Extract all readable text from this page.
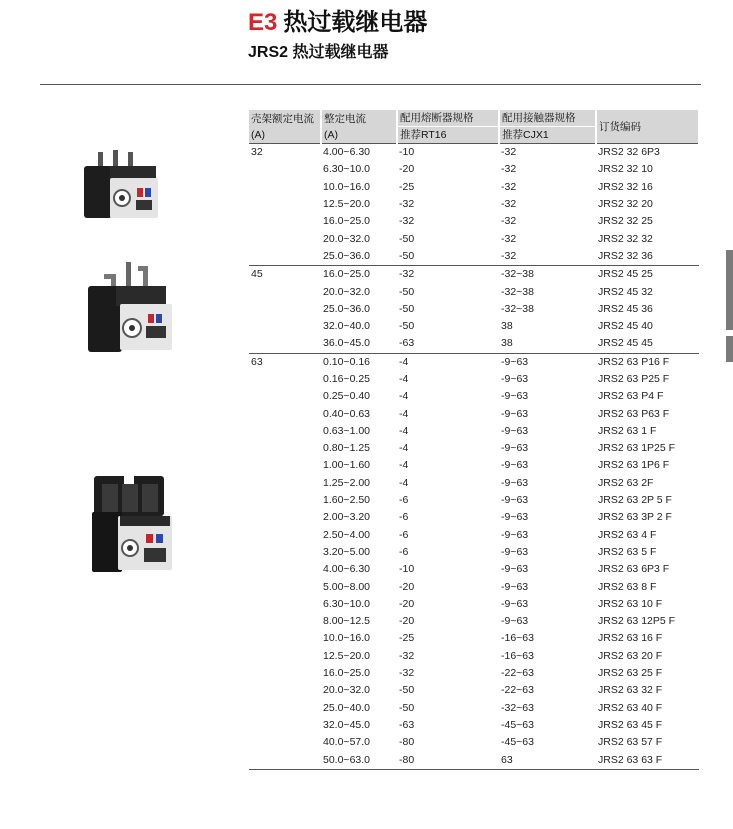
E3 热过载继电器
JRS2 热过载继电器
壳架额定电流(A)	整定电流
(A)	配用熔断器规格	配用接触器规格	订货编码
		推荐RT16	推荐CJX1	
32	4.00~6.30	-10	-32	JRS2 32 6P3
	6.30~10.0	-20	-32	JRS2 32 10
	10.0~16.0	-25	-32	JRS2 32 16
	12.5~20.0	-32	-32	JRS2 32 20
	16.0~25.0	-32	-32	JRS2 32 25
	20.0~32.0	-50	-32	JRS2 32 32
	25.0~36.0	-50	-32	JRS2 32 36
45	16.0~25.0	-32	-32~38	JRS2 45 25
	20.0~32.0	-50	-32~38	JRS2 45 32
	25.0~36.0	-50	-32~38	JRS2 45 36
	32.0~40.0	-50	38	JRS2 45 40
	36.0~45.0	-63	38	JRS2 45 45
63	0.10~0.16	-4	-9~63	JRS2 63 P16 F
	0.16~0.25	-4	-9~63	JRS2 63 P25 F
	0.25~0.40	-4	-9~63	JRS2 63 P4 F
	0.40~0.63	-4	-9~63	JRS2 63 P63 F
	0.63~1.00	-4	-9~63	JRS2 63 1 F
	0.80~1.25	-4	-9~63	JRS2 63 1P25 F
	1.00~1.60	-4	-9~63	JRS2 63 1P6 F
	1.25~2.00	-4	-9~63	JRS2 63 2F
	1.60~2.50	-6	-9~63	JRS2 63 2P 5 F
	2.00~3.20	-6	-9~63	JRS2 63 3P 2 F
	2.50~4.00	-6	-9~63	JRS2 63 4 F
	3.20~5.00	-6	-9~63	JRS2 63 5 F
	4.00~6.30	-10	-9~63	JRS2 63 6P3 F
	5.00~8.00	-20	-9~63	JRS2 63 8 F
	6.30~10.0	-20	-9~63	JRS2 63 10 F
	8.00~12.5	-20	-9~63	JRS2 63 12P5 F
	10.0~16.0	-25	-16~63	JRS2 63 16 F
	12.5~20.0	-32	-16~63	JRS2 63 20 F
	16.0~25.0	-32	-22~63	JRS2 63 25 F
	20.0~32.0	-50	-22~63	JRS2 63 32 F
	25.0~40.0	-50	-32~63	JRS2 63 40 F
	32.0~45.0	-63	-45~63	JRS2 63 45 F
	40.0~57.0	-80	-45~63	JRS2 63 57 F
	50.0~63.0	-80	63	JRS2 63 63 F
